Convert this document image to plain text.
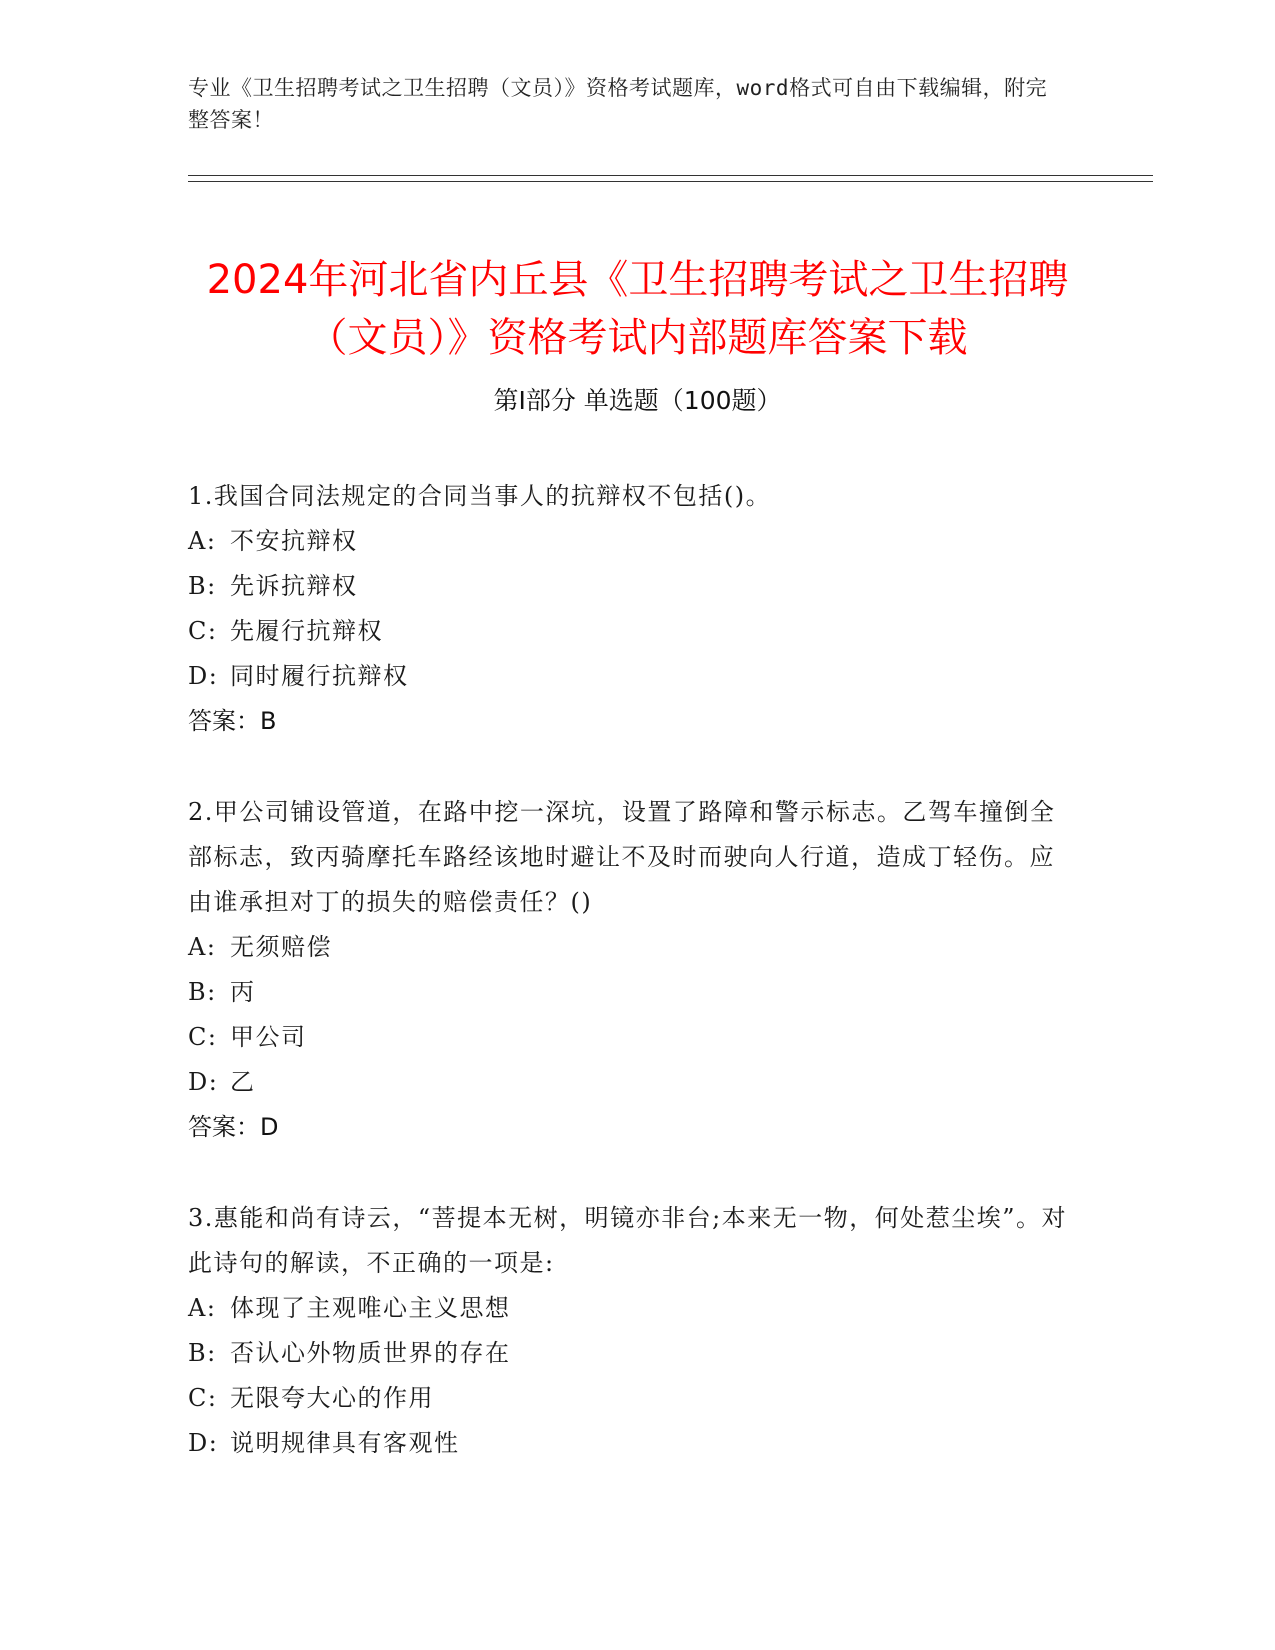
专业《卫生招聘考试之卫生招聘（文员）》资格考试题库，word格式可自由下载编辑，附完整答案！
2024年河北省内丘县《卫生招聘考试之卫生招聘（文员）》资格考试内部题库答案下载
第Ⅰ部分 单选题（100题）

1.我国合同法规定的合同当事人的抗辩权不包括()。

A: 不安抗辩权
B: 先诉抗辩权
C: 先履行抗辩权
D: 同时履行抗辩权
答案：B

2.甲公司铺设管道，在路中挖一深坑，设置了路障和警示标志。乙驾车撞倒全部标志，致丙骑摩托车路经该地时避让不及时而驶向人行道，造成丁轻伤。应由谁承担对丁的损失的赔偿责任？()

A: 无须赔偿
B: 丙
C: 甲公司
D: 乙
答案：D

3.惠能和尚有诗云，“菩提本无树，明镜亦非台;本来无一物，何处惹尘埃”。对此诗句的解读，不正确的一项是:

A: 体现了主观唯心主义思想
B: 否认心外物质世界的存在
C: 无限夸大心的作用
D: 说明规律具有客观性
